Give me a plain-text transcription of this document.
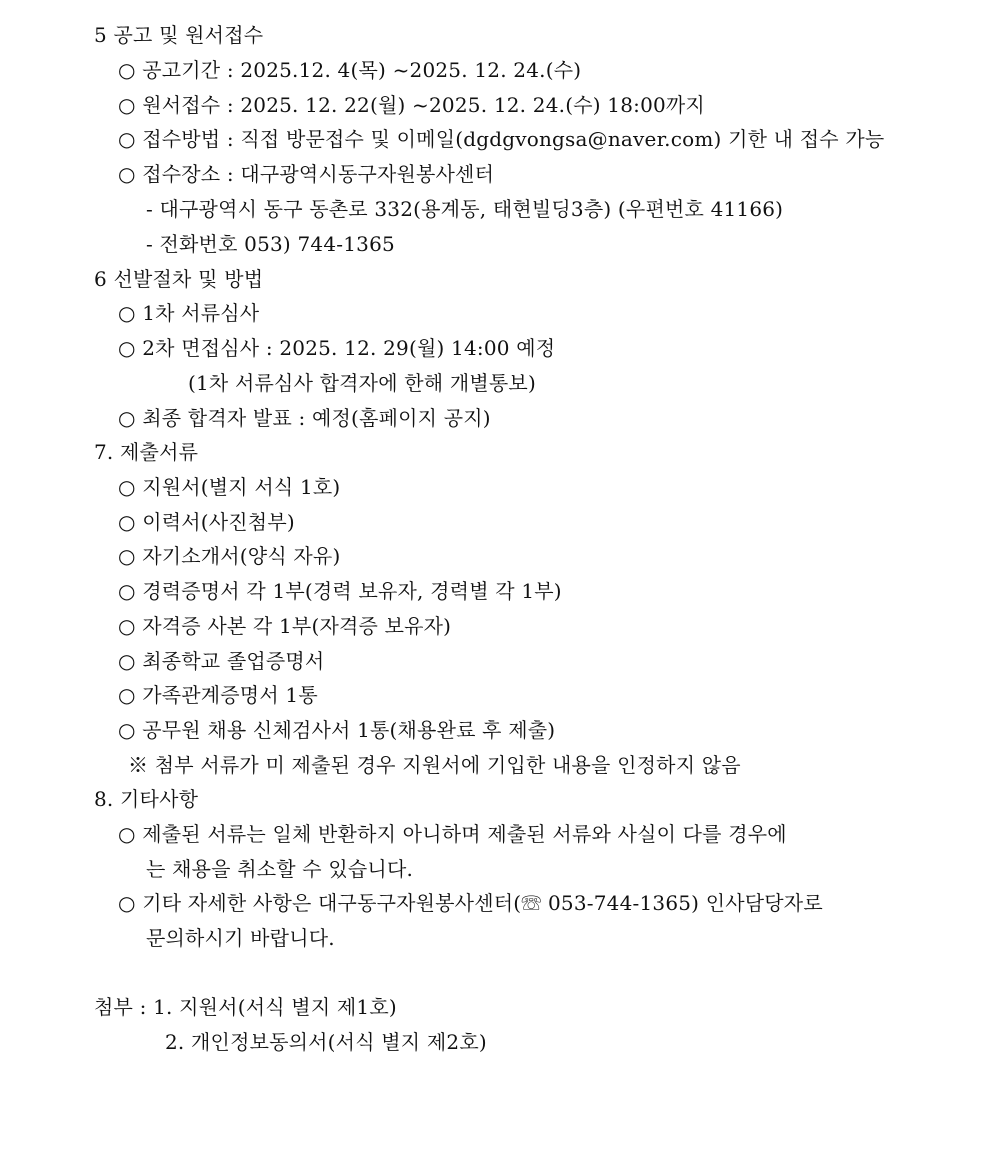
5 공고 및 원서접수
○ 공고기간 : 2025.12. 4(목) ~2025. 12. 24.(수)
○ 원서접수 : 2025. 12. 22(월) ~2025. 12. 24.(수) 18:00까지
○ 접수방법 : 직접 방문접수 및 이메일(dgdgvongsa@naver.com) 기한 내 접수 가능
○ 접수장소 : 대구광역시동구자원봉사센터
- 대구광역시 동구 동촌로 332(용계동, 태현빌딩3층) (우편번호 41166)
- 전화번호 053) 744-1365
6 선발절차 및 방법
○ 1차 서류심사
○ 2차 면접심사 : 2025. 12. 29(월) 14:00 예정
(1차 서류심사 합격자에 한해 개별통보)
○ 최종 합격자 발표 : 예정(홈페이지 공지)
7. 제출서류
○ 지원서(별지 서식 1호)
○ 이력서(사진첨부)
○ 자기소개서(양식 자유)
○ 경력증명서 각 1부(경력 보유자, 경력별 각 1부)
○ 자격증 사본 각 1부(자격증 보유자)
○ 최종학교 졸업증명서
○ 가족관계증명서 1통
○ 공무원 채용 신체검사서 1통(채용완료 후 제출)
※ 첨부 서류가 미 제출된 경우 지원서에 기입한 내용을 인정하지 않음
8. 기타사항
○ 제출된 서류는 일체 반환하지 아니하며 제출된 서류와 사실이 다를 경우에
는 채용을 취소할 수 있습니다.
○ 기타 자세한 사항은 대구동구자원봉사센터(☏ 053-744-1365) 인사담당자로
문의하시기 바랍니다.
첨부 : 1. 지원서(서식 별지 제1호)
2. 개인정보동의서(서식 별지 제2호)
